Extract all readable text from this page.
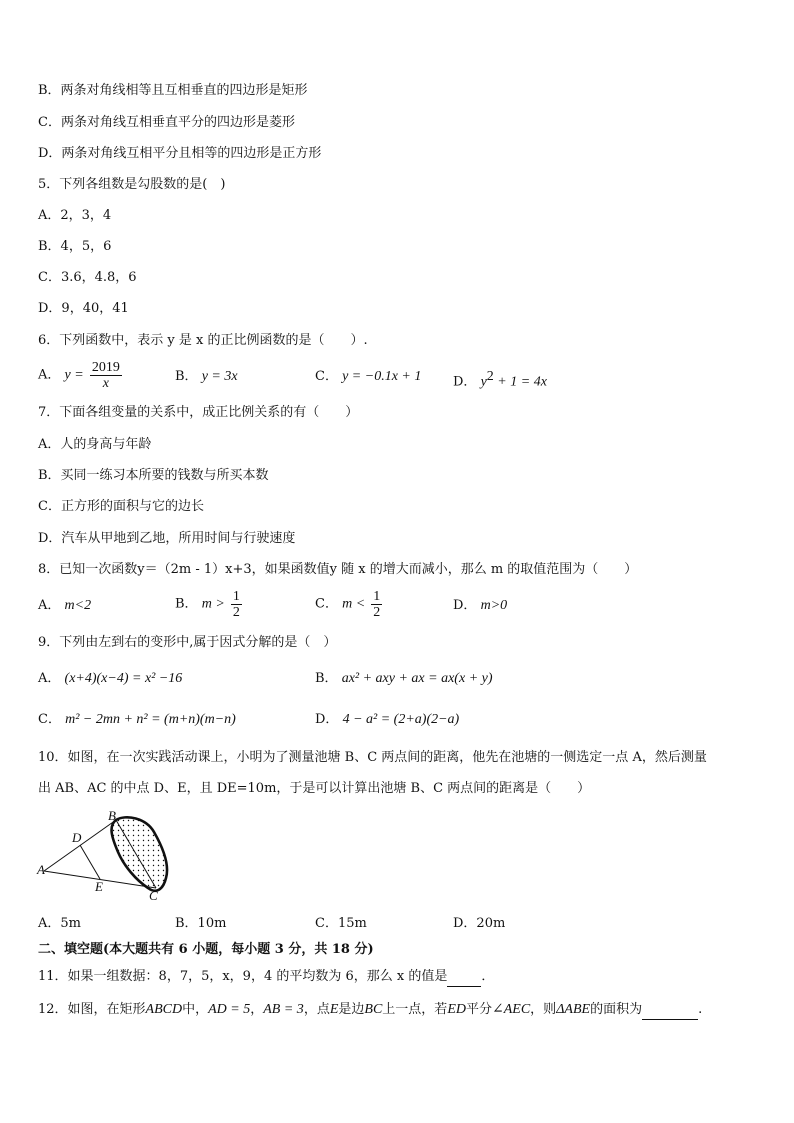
B．两条对角线相等且互相垂直的四边形是矩形
C．两条对角线互相垂直平分的四边形是菱形
D．两条对角线互相平分且相等的四边形是正方形
5．下列各组数是勾股数的是(　)
A．2，3，4
B．4，5，6
C．3.6，4.8，6
D．9，40，41
6．下列函数中，表示 y 是 x 的正比例函数的是（　　）.
A． $y = \frac{2019}{x}$	B． y = 3x	C． y = −0.1x + 1 D． $y^2 + 1 = 4x$
7．下面各组变量的关系中，成正比例关系的有（　　）
A．人的身高与年龄
B．买同一练习本所要的钱数与所买本数
C．正方形的面积与它的边长
D．汽车从甲地到乙地，所用时间与行驶速度
8．已知一次函数y＝（2m - 1）x+3，如果函数值y 随 x 的增大而减小，那么 m 的取值范围为（　　）
A． m<2	B． $m > \frac{1}{2}$	C． $m < \frac{1}{2}$	D． m>0
9．下列由左到右的变形中,属于因式分解的是（　）
A． (x+4)(x−4) = x² −16	B． ax² + axy + ax = ax(x + y)
C． m² − 2mn + n² = (m+n)(m−n)	D． 4 − a² = (2+a)(2−a)
10．如图，在一次实践活动课上，小明为了测量池塘 B、C 两点间的距离，他先在池塘的一侧选定一点 A，然后测量
出 AB、AC 的中点 D、E，且 DE=10m，于是可以计算出池塘 B、C 两点间的距离是（　　）
B
D
A
E
C
A．5m	B．10m	C．15m	D．20m
二、填空题(本大题共有 6 小题，每小题 3 分，共 18 分)
11．如果一组数据：8，7，5，x，9，4 的平均数为 6，那么 x 的值是	．
12．如图，在矩形ABCD中，AD = 5，AB = 3，点E是边BC上一点，若ED平分∠AEC，则ΔABE的面积为	.
